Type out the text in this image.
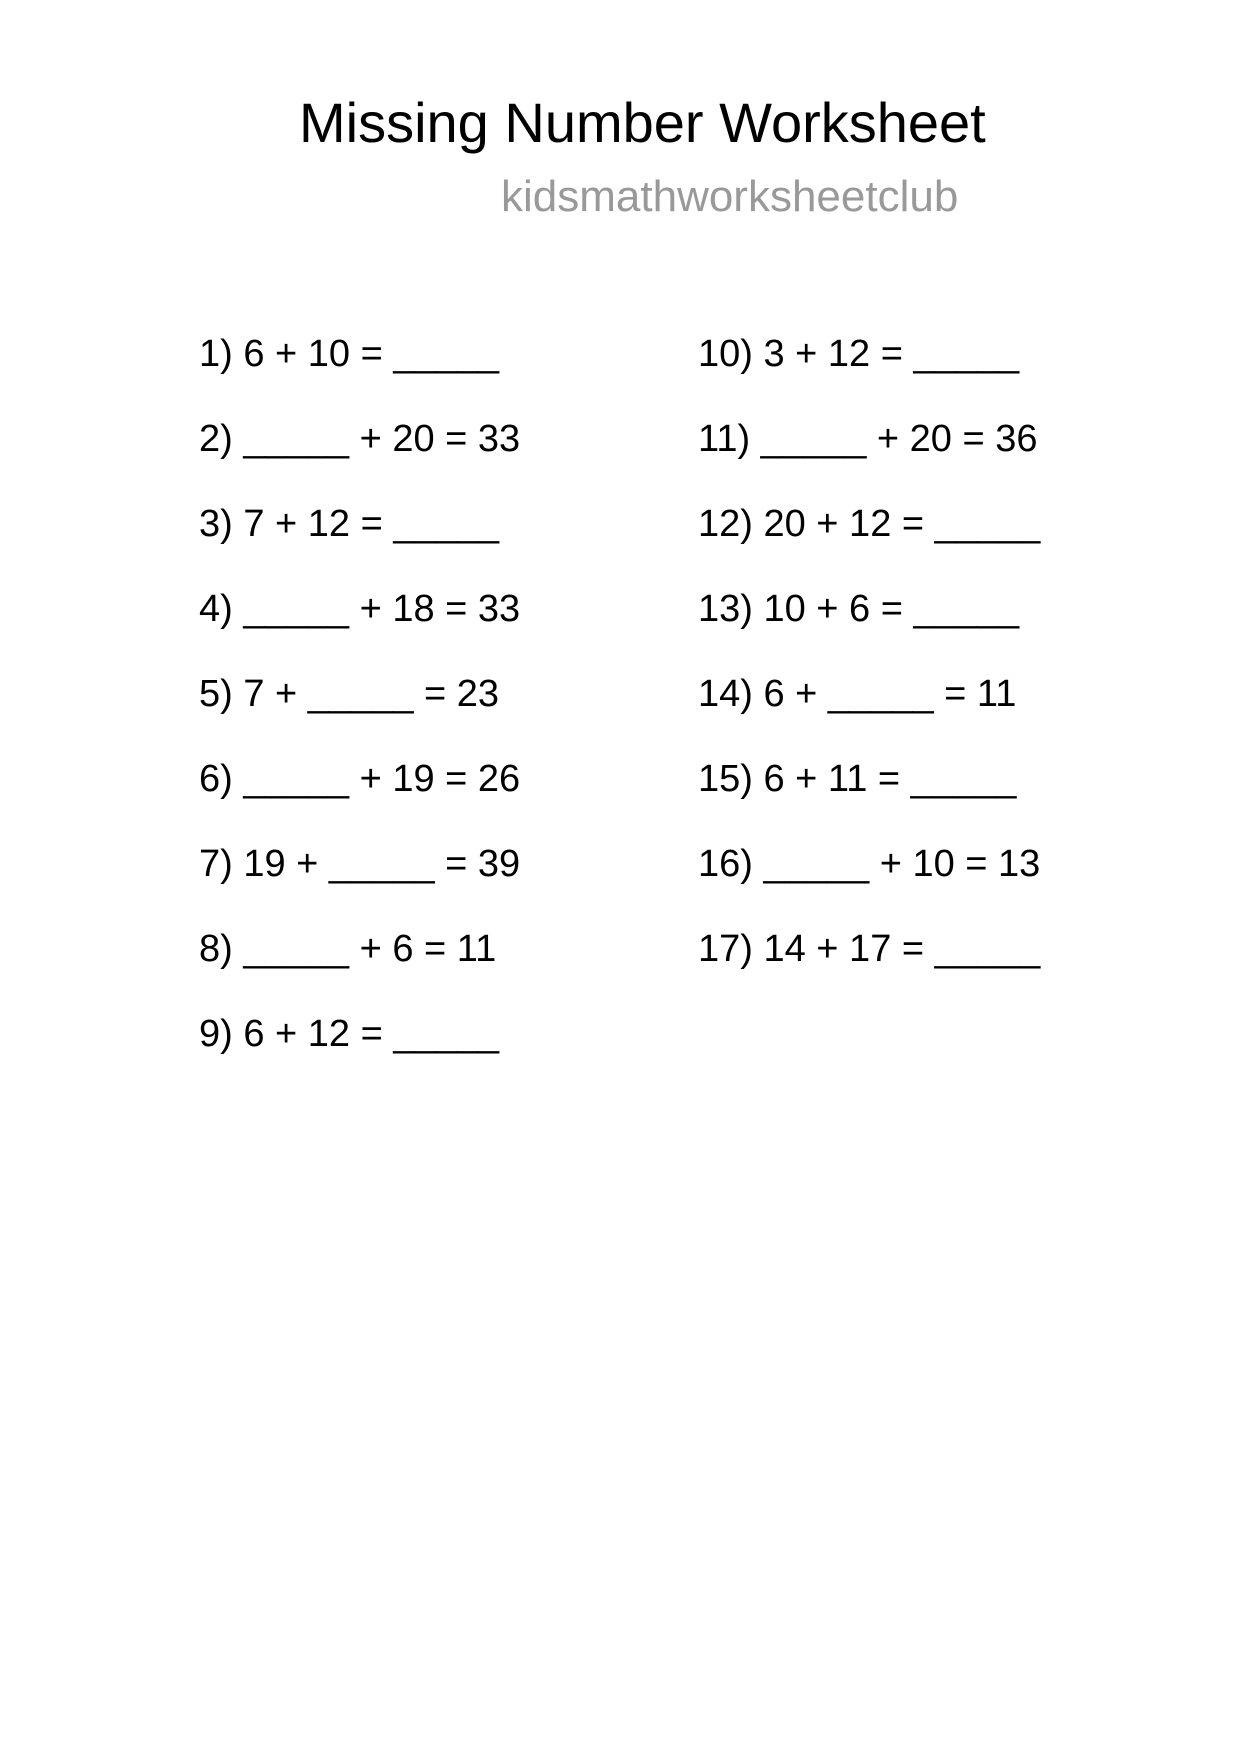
Missing Number Worksheet
kidsmathworksheetclub
1) 6 + 10 = _____
2) _____ + 20 = 33
3) 7 + 12 = _____
4) _____ + 18 = 33
5) 7 + _____ = 23
6) _____ + 19 = 26
7) 19 + _____ = 39
8) _____ + 6 = 11
9) 6 + 12 = _____
10) 3 + 12 = _____
11) _____ + 20 = 36
12) 20 + 12 = _____
13) 10 + 6 = _____
14) 6 + _____ = 11
15) 6 + 11 = _____
16) _____ + 10 = 13
17) 14 + 17 = _____
